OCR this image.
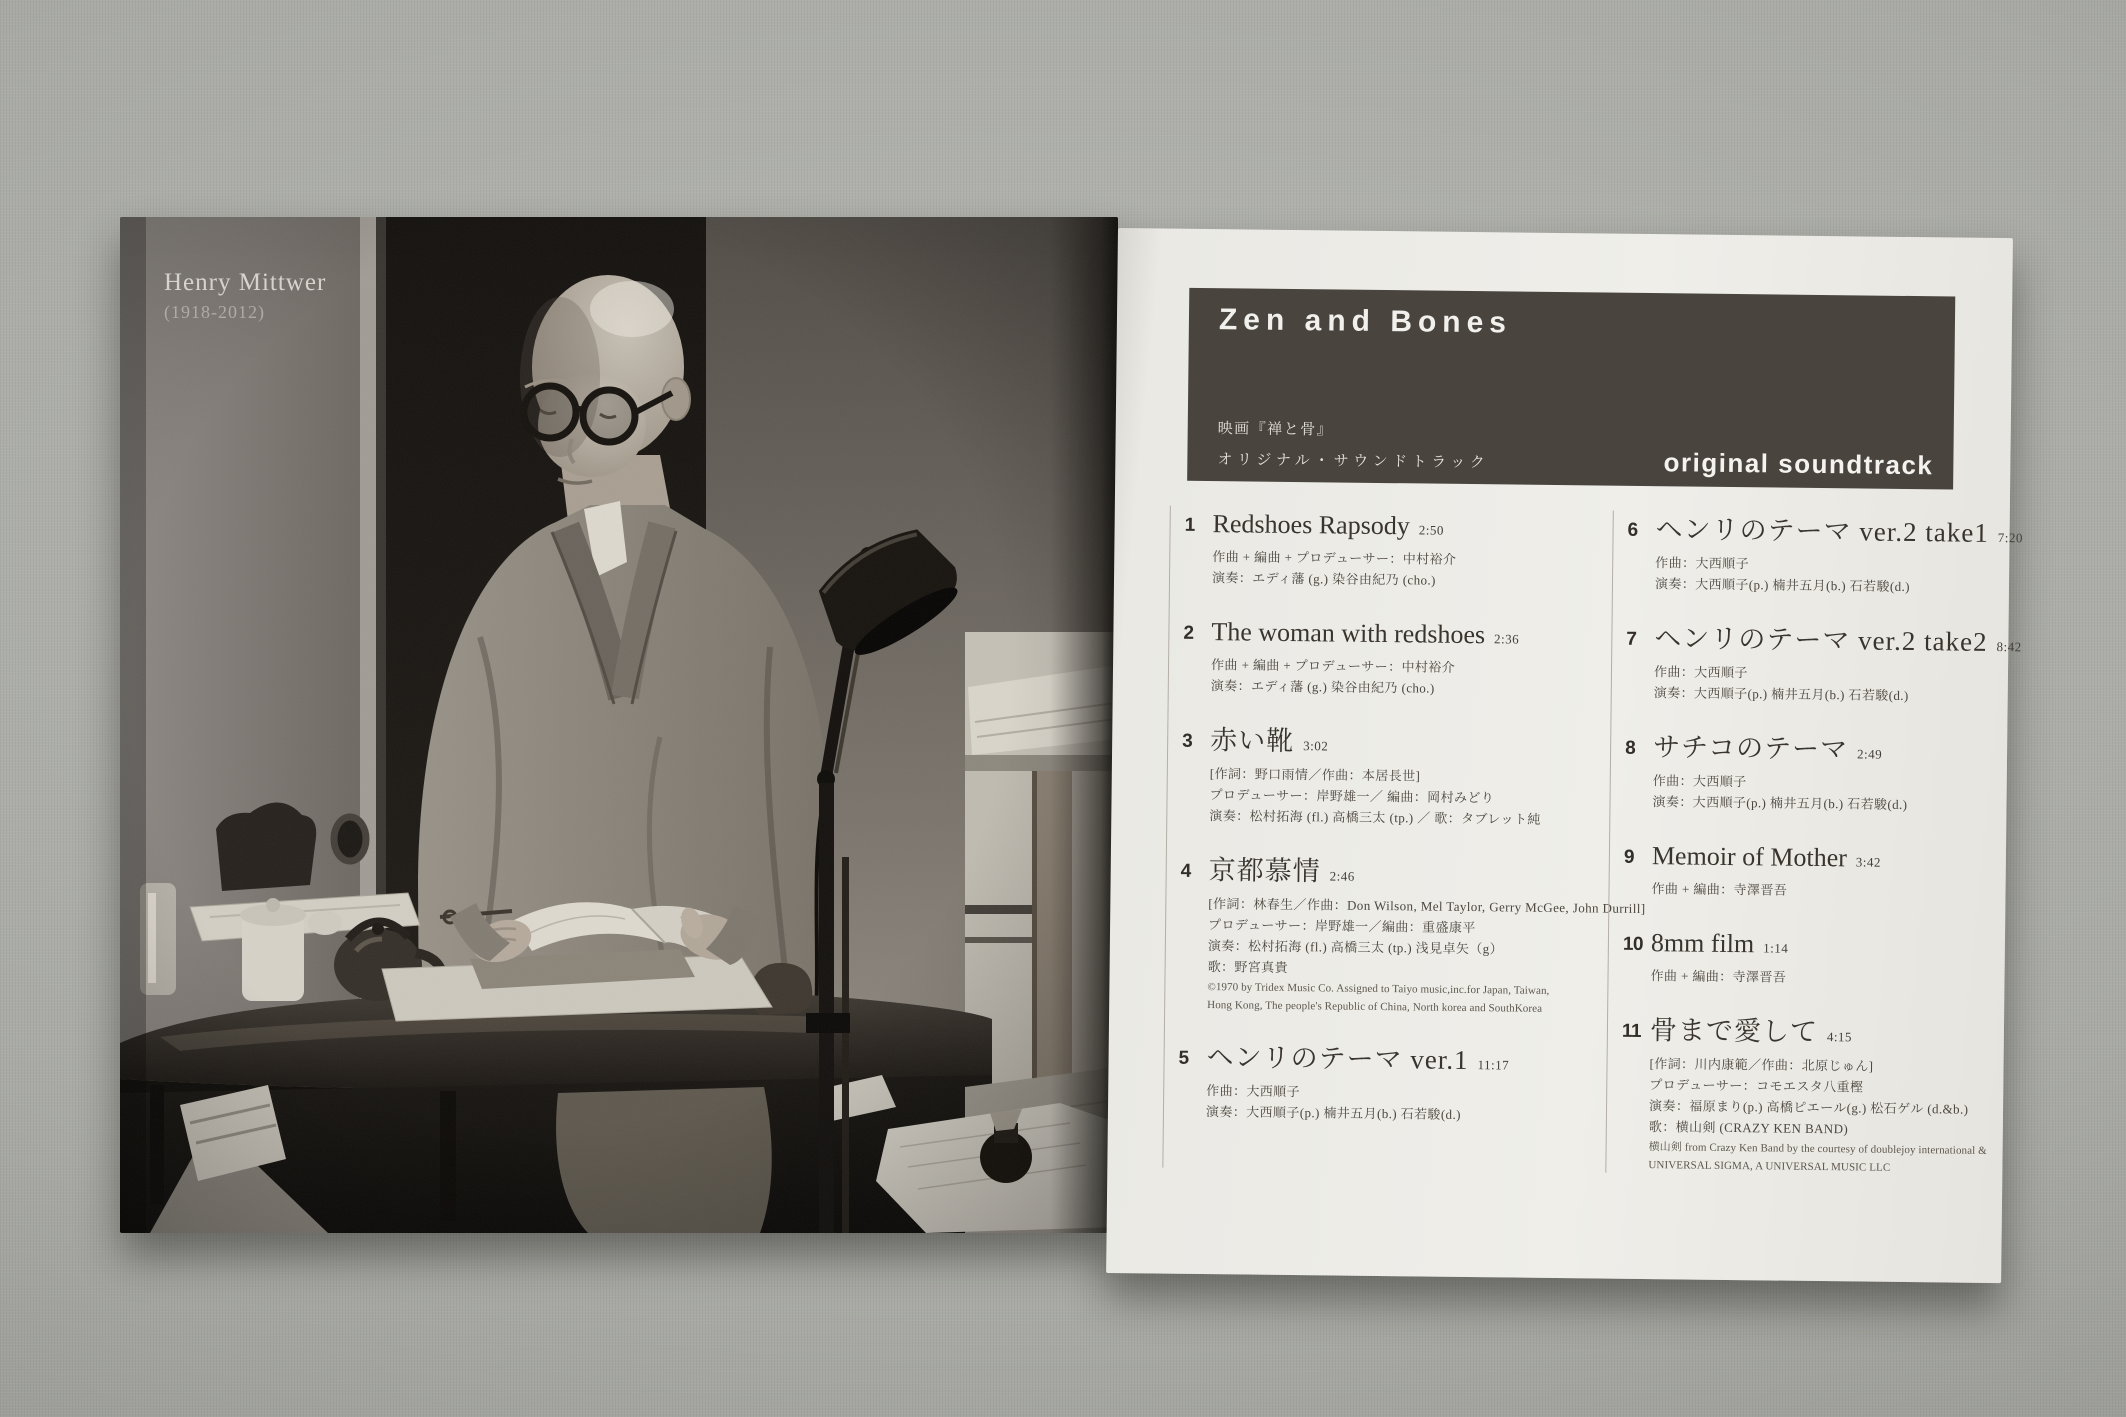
Henry Mittwer
(1918-2012)	Zen and Bones
映画『禅と骨』
オリジナル・サウンドトラック	original soundtrack
1 Redshoes Rapsody 2:50
作曲 + 編曲 + プロデューサー：中村裕介
演奏：エディ藩 (g.) 染谷由紀乃 (cho.)
2 The woman with redshoes 2:36
作曲 + 編曲 + プロデューサー：中村裕介
演奏：エディ藩 (g.) 染谷由紀乃 (cho.)
3 赤い靴 3:02
[作詞：野口雨情／作曲：本居長世]
プロデューサー：岸野雄一／ 編曲：岡村みどり
演奏：松村拓海 (fl.) 高橋三太 (tp.) ／ 歌：タブレット純
4 京都慕情 2:46
[作詞：林春生／作曲：Don Wilson, Mel Taylor, Gerry McGee, John Durrill]
プロデューサー：岸野雄一／編曲：重盛康平
演奏：松村拓海 (fl.) 高橋三太 (tp.) 浅見卓矢（g）
歌：野宮真貴
©1970 by Tridex Music Co. Assigned to Taiyo music,inc.for Japan, Taiwan,
Hong Kong, The people's Republic of China, North korea and SouthKorea
5 ヘンリのテーマ ver.1 11:17
作曲：大西順子
演奏：大西順子(p.) 楠井五月(b.) 石若駿(d.)
6 ヘンリのテーマ ver.2 take1 7:20
作曲：大西順子
演奏：大西順子(p.) 楠井五月(b.) 石若駿(d.)
7 ヘンリのテーマ ver.2 take2 8:42
作曲：大西順子
演奏：大西順子(p.) 楠井五月(b.) 石若駿(d.)
8 サチコのテーマ 2:49
作曲：大西順子
演奏：大西順子(p.) 楠井五月(b.) 石若駿(d.)
9 Memoir of Mother 3:42
作曲 + 編曲：寺澤晋吾
10 8mm film 1:14
作曲 + 編曲：寺澤晋吾
11 骨まで愛して 4:15
[作詞：川内康範／作曲：北原じゅん]
プロデューサー：コモエスタ八重樫
演奏：福原まり(p.) 高橋ピエール(g.) 松石ゲル (d.&b.)
歌：横山剣 (CRAZY KEN BAND)
横山剣 from Crazy Ken Band by the courtesy of doublejoy international &
UNIVERSAL SIGMA, A UNIVERSAL MUSIC LLC
